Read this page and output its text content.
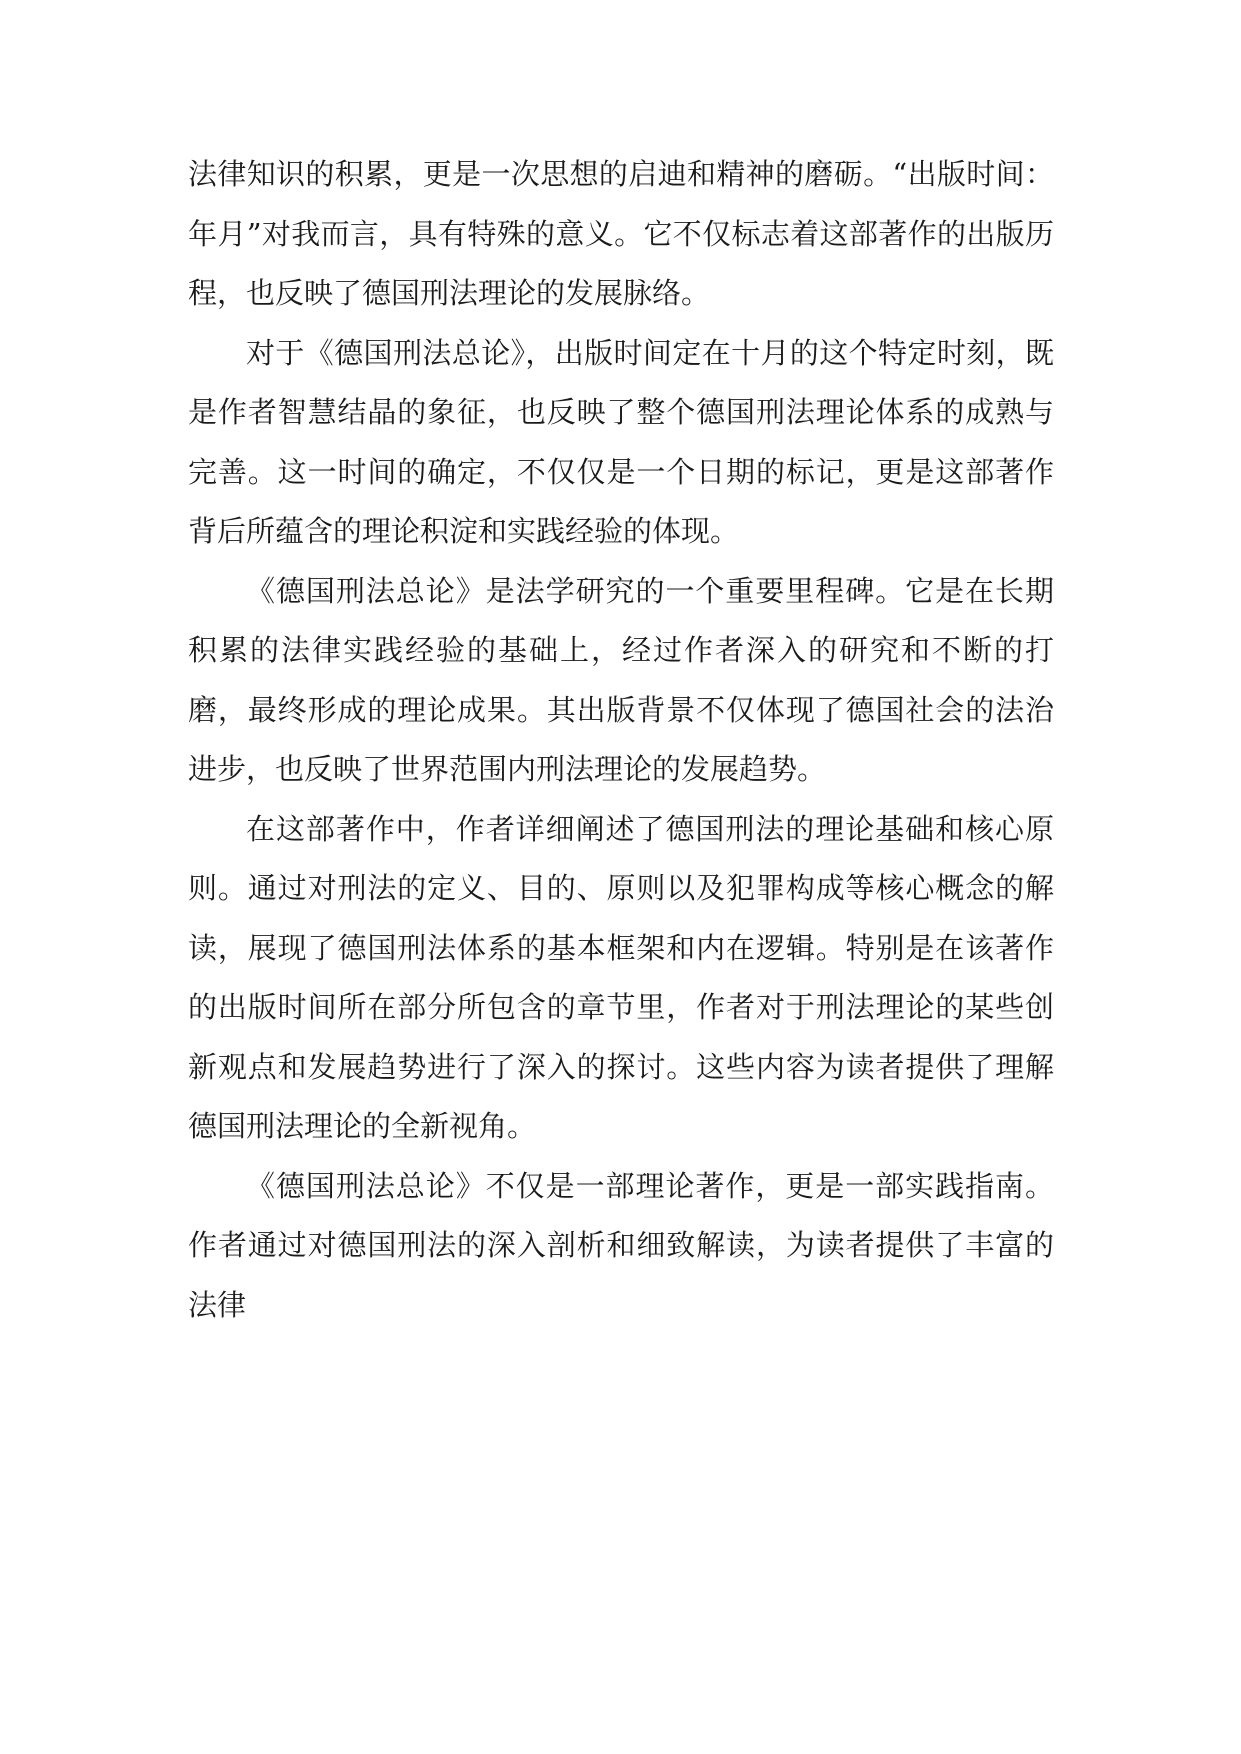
法律知识的积累，更是一次思想的启迪和精神的磨砺。“出版时间：年月”对我而言，具有特殊的意义。它不仅标志着这部著作的出版历程，也反映了德国刑法理论的发展脉络。

对于《德国刑法总论》，出版时间定在十月的这个特定时刻，既是作者智慧结晶的象征，也反映了整个德国刑法理论体系的成熟与完善。这一时间的确定，不仅仅是一个日期的标记，更是这部著作背后所蕴含的理论积淀和实践经验的体现。

《德国刑法总论》是法学研究的一个重要里程碑。它是在长期积累的法律实践经验的基础上，经过作者深入的研究和不断的打磨，最终形成的理论成果。其出版背景不仅体现了德国社会的法治进步，也反映了世界范围内刑法理论的发展趋势。

在这部著作中，作者详细阐述了德国刑法的理论基础和核心原则。通过对刑法的定义、目的、原则以及犯罪构成等核心概念的解读，展现了德国刑法体系的基本框架和内在逻辑。特别是在该著作的出版时间所在部分所包含的章节里，作者对于刑法理论的某些创新观点和发展趋势进行了深入的探讨。这些内容为读者提供了理解德国刑法理论的全新视角。

《德国刑法总论》不仅是一部理论著作，更是一部实践指南。作者通过对德国刑法的深入剖析和细致解读，为读者提供了丰富的法律
